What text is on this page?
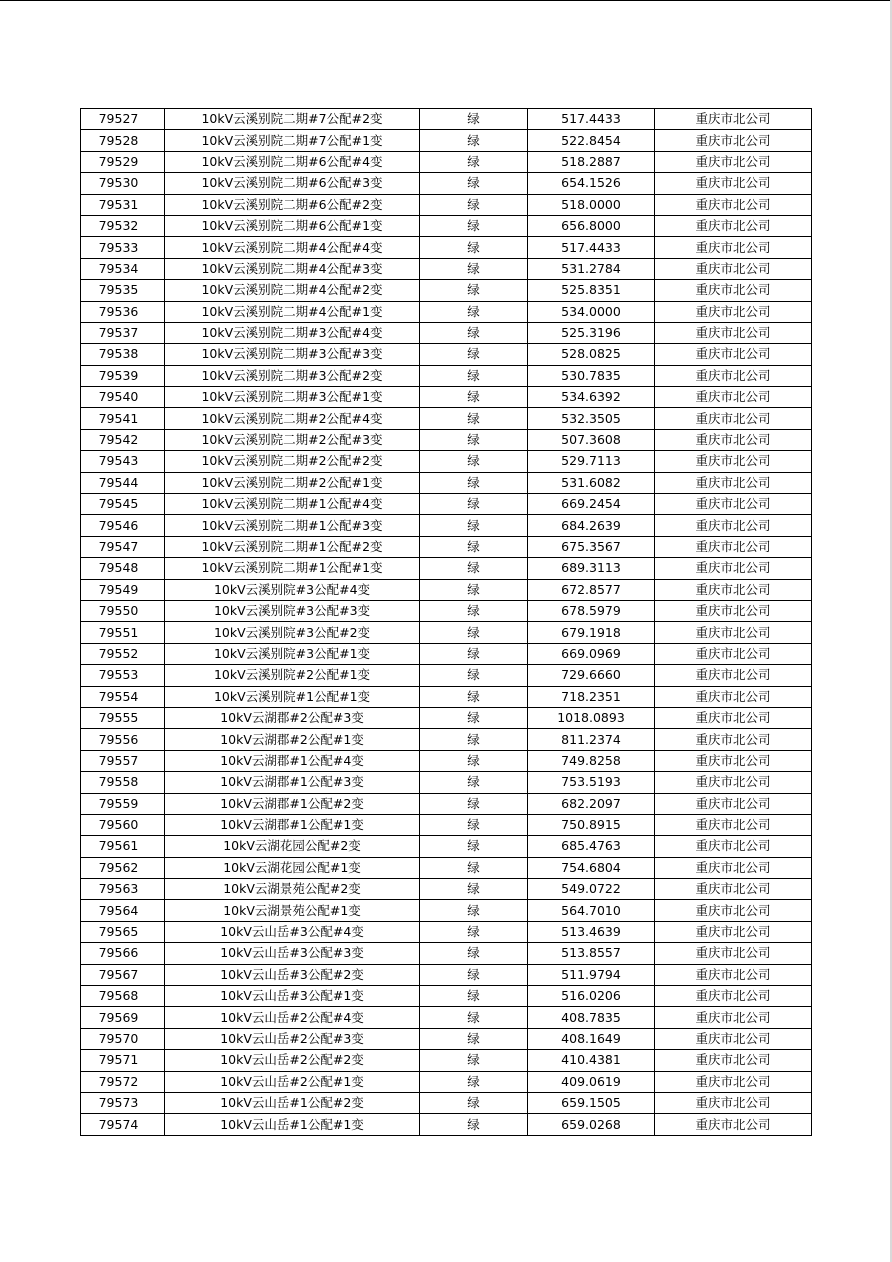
79527	10kV云溪别院二期#7公配#2变	绿	517.4433	重庆市北公司
79528	10kV云溪别院二期#7公配#1变	绿	522.8454	重庆市北公司
79529	10kV云溪别院二期#6公配#4变	绿	518.2887	重庆市北公司
79530	10kV云溪别院二期#6公配#3变	绿	654.1526	重庆市北公司
79531	10kV云溪别院二期#6公配#2变	绿	518.0000	重庆市北公司
79532	10kV云溪别院二期#6公配#1变	绿	656.8000	重庆市北公司
79533	10kV云溪别院二期#4公配#4变	绿	517.4433	重庆市北公司
79534	10kV云溪别院二期#4公配#3变	绿	531.2784	重庆市北公司
79535	10kV云溪别院二期#4公配#2变	绿	525.8351	重庆市北公司
79536	10kV云溪别院二期#4公配#1变	绿	534.0000	重庆市北公司
79537	10kV云溪别院二期#3公配#4变	绿	525.3196	重庆市北公司
79538	10kV云溪别院二期#3公配#3变	绿	528.0825	重庆市北公司
79539	10kV云溪别院二期#3公配#2变	绿	530.7835	重庆市北公司
79540	10kV云溪别院二期#3公配#1变	绿	534.6392	重庆市北公司
79541	10kV云溪别院二期#2公配#4变	绿	532.3505	重庆市北公司
79542	10kV云溪别院二期#2公配#3变	绿	507.3608	重庆市北公司
79543	10kV云溪别院二期#2公配#2变	绿	529.7113	重庆市北公司
79544	10kV云溪别院二期#2公配#1变	绿	531.6082	重庆市北公司
79545	10kV云溪别院二期#1公配#4变	绿	669.2454	重庆市北公司
79546	10kV云溪别院二期#1公配#3变	绿	684.2639	重庆市北公司
79547	10kV云溪别院二期#1公配#2变	绿	675.3567	重庆市北公司
79548	10kV云溪别院二期#1公配#1变	绿	689.3113	重庆市北公司
79549	10kV云溪别院#3公配#4变	绿	672.8577	重庆市北公司
79550	10kV云溪别院#3公配#3变	绿	678.5979	重庆市北公司
79551	10kV云溪别院#3公配#2变	绿	679.1918	重庆市北公司
79552	10kV云溪别院#3公配#1变	绿	669.0969	重庆市北公司
79553	10kV云溪别院#2公配#1变	绿	729.6660	重庆市北公司
79554	10kV云溪别院#1公配#1变	绿	718.2351	重庆市北公司
79555	10kV云湖郡#2公配#3变	绿	1018.0893	重庆市北公司
79556	10kV云湖郡#2公配#1变	绿	811.2374	重庆市北公司
79557	10kV云湖郡#1公配#4变	绿	749.8258	重庆市北公司
79558	10kV云湖郡#1公配#3变	绿	753.5193	重庆市北公司
79559	10kV云湖郡#1公配#2变	绿	682.2097	重庆市北公司
79560	10kV云湖郡#1公配#1变	绿	750.8915	重庆市北公司
79561	10kV云湖花园公配#2变	绿	685.4763	重庆市北公司
79562	10kV云湖花园公配#1变	绿	754.6804	重庆市北公司
79563	10kV云湖景苑公配#2变	绿	549.0722	重庆市北公司
79564	10kV云湖景苑公配#1变	绿	564.7010	重庆市北公司
79565	10kV云山岳#3公配#4变	绿	513.4639	重庆市北公司
79566	10kV云山岳#3公配#3变	绿	513.8557	重庆市北公司
79567	10kV云山岳#3公配#2变	绿	511.9794	重庆市北公司
79568	10kV云山岳#3公配#1变	绿	516.0206	重庆市北公司
79569	10kV云山岳#2公配#4变	绿	408.7835	重庆市北公司
79570	10kV云山岳#2公配#3变	绿	408.1649	重庆市北公司
79571	10kV云山岳#2公配#2变	绿	410.4381	重庆市北公司
79572	10kV云山岳#2公配#1变	绿	409.0619	重庆市北公司
79573	10kV云山岳#1公配#2变	绿	659.1505	重庆市北公司
79574	10kV云山岳#1公配#1变	绿	659.0268	重庆市北公司
